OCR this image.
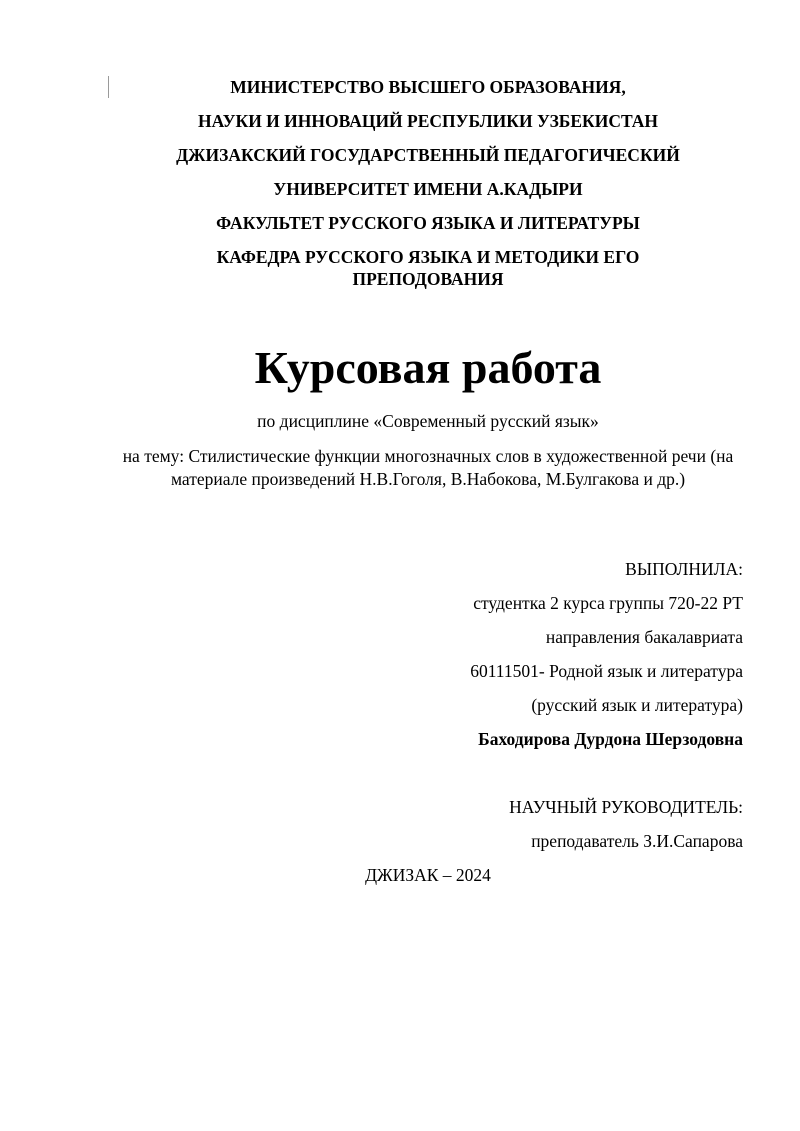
МИНИСТЕРСТВО ВЫСШЕГО ОБРАЗОВАНИЯ,

НАУКИ И ИННОВАЦИЙ РЕСПУБЛИКИ УЗБЕКИСТАН

ДЖИЗАКСКИЙ ГОСУДАРСТВЕННЫЙ ПЕДАГОГИЧЕСКИЙ

УНИВЕРСИТЕТ ИМЕНИ А.КАДЫРИ

ФАКУЛЬТЕТ РУССКОГО ЯЗЫКА И ЛИТЕРАТУРЫ

КАФЕДРА РУССКОГО ЯЗЫКА И МЕТОДИКИ ЕГО ПРЕПОДОВАНИЯ

Курсовая работа
по дисциплине «Современный русский язык»
на тему: Стилистические функции многозначных слов в художественной речи (на материале произведений Н.В.Гоголя, В.Набокова, М.Булгакова и др.)

ВЫПОЛНИЛА:

студентка 2 курса группы 720-22 РТ

направления бакалавриата

60111501- Родной язык и литература

(русский язык и литература)

Баходирова Дурдона Шерзодовна

НАУЧНЫЙ РУКОВОДИТЕЛЬ:

преподаватель З.И.Сапарова

ДЖИЗАК – 2024
